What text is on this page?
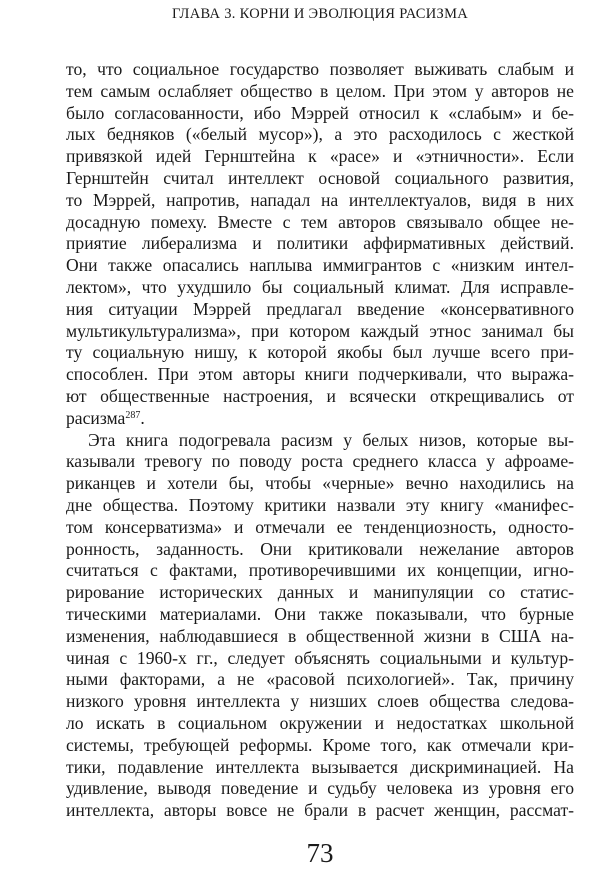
ГЛАВА 3. КОРНИ И ЭВОЛЮЦИЯ РАСИЗМА
то, что социальное государство позволяет выживать слабым и
тем самым ослабляет общество в целом. При этом у авторов не
было согласованности, ибо Мэррей относил к «слабым» и бе-
лых бедняков («белый мусор»), а это расходилось с жесткой
привязкой идей Гернштейна к «расе» и «этничности». Если
Гернштейн считал интеллект основой социального развития,
то Мэррей, напротив, нападал на интеллектуалов, видя в них
досадную помеху. Вместе с тем авторов связывало общее не-
приятие либерализма и политики аффирмативных действий.
Они также опасались наплыва иммигрантов с «низким интел-
лектом», что ухудшило бы социальный климат. Для исправле-
ния ситуации Мэррей предлагал введение «консервативного
мультикультурализма», при котором каждый этнос занимал бы
ту социальную нишу, к которой якобы был лучше всего при-
способлен. При этом авторы книги подчеркивали, что выража-
ют общественные настроения, и всячески открещивались от
расизма$^{287}$.
Эта книга подогревала расизм у белых низов, которые вы-
казывали тревогу по поводу роста среднего класса у афроаме-
риканцев и хотели бы, чтобы «черные» вечно находились на
дне общества. Поэтому критики назвали эту книгу «манифес-
том консерватизма» и отмечали ее тенденциозность, односто-
ронность, заданность. Они критиковали нежелание авторов
считаться с фактами, противоречившими их концепции, игно-
рирование исторических данных и манипуляции со статис-
тическими материалами. Они также показывали, что бурные
изменения, наблюдавшиеся в общественной жизни в США на-
чиная с 1960-х гг., следует объяснять социальными и культур-
ными факторами, а не «расовой психологией». Так, причину
низкого уровня интеллекта у низших слоев общества следова-
ло искать в социальном окружении и недостатках школьной
системы, требующей реформы. Кроме того, как отмечали кри-
тики, подавление интеллекта вызывается дискриминацией. На
удивление, выводя поведение и судьбу человека из уровня его
интеллекта, авторы вовсе не брали в расчет женщин, рассмат-
73
